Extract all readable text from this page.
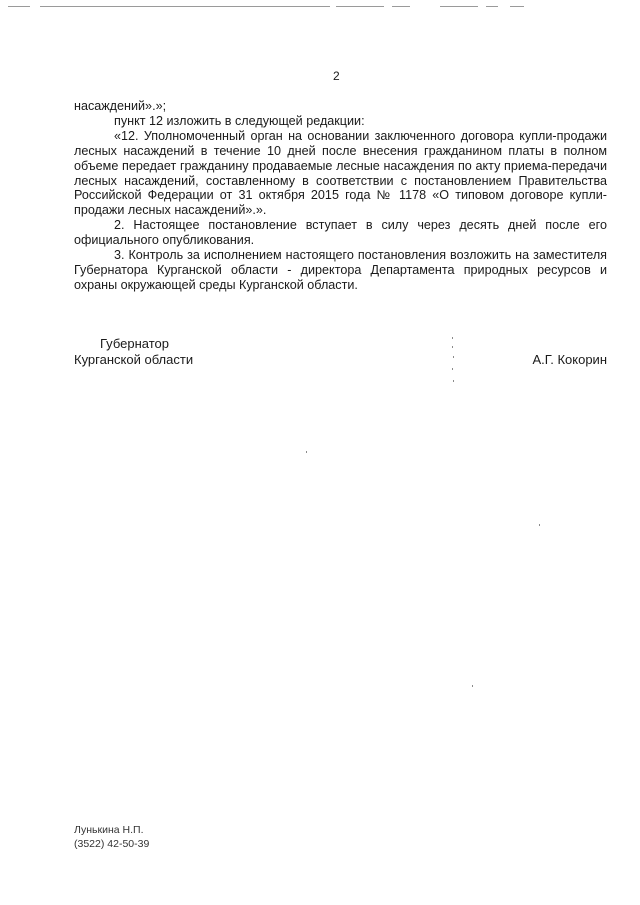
2

насаждений».»;

пункт 12 изложить в следующей редакции:

«12. Уполномоченный орган на основании заключенного договора купли-продажи лесных насаждений в течение 10 дней после внесения гражданином платы в полном объеме передает гражданину продаваемые лесные насаждения по акту приема-передачи лесных насаждений, составленному в соответствии с постановлением Правительства Российской Федерации от 31 октября 2015 года № 1178 «О типовом договоре купли-продажи лесных насаждений».».

2. Настоящее постановление вступает в силу через десять дней после его официального опубликования.

3. Контроль за исполнением настоящего постановления возложить на заместителя Губернатора Курганской области - директора Департамента природных ресурсов и охраны окружающей среды Курганской области.

Губернатор
Курганской области	А.Г. Кокорин
Лунькина Н.П.
(3522) 42-50-39
